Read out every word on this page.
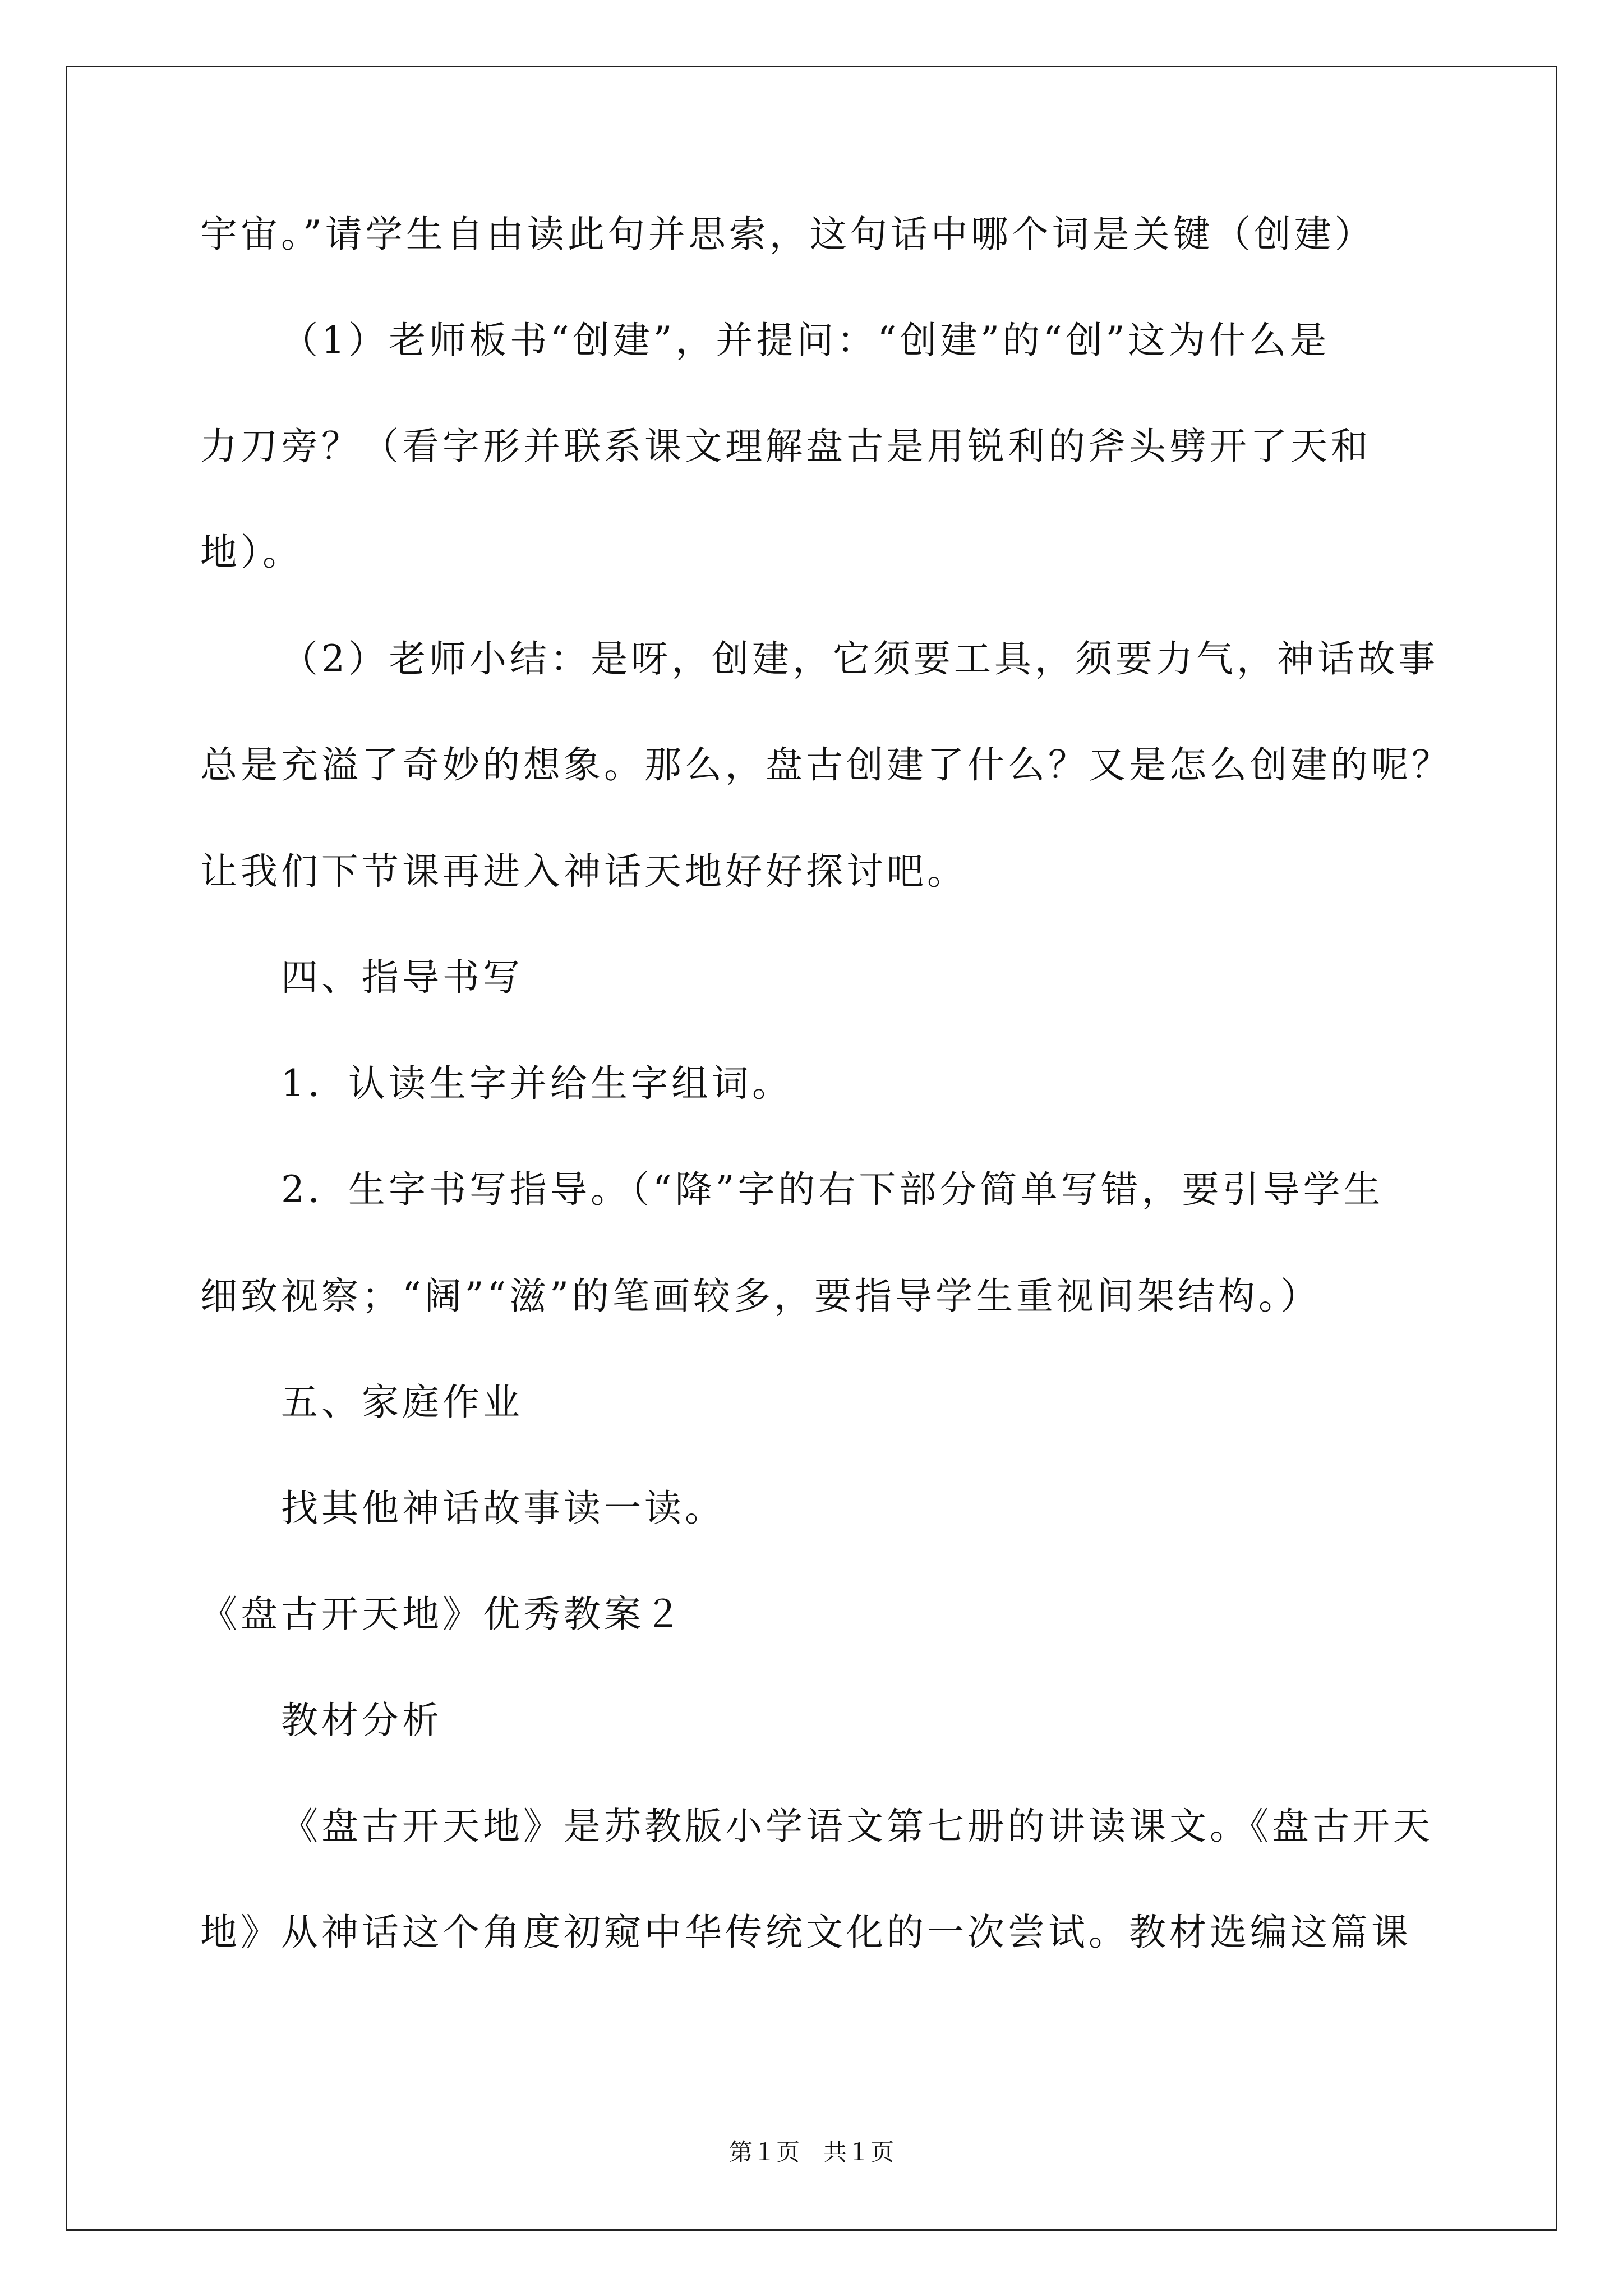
宇宙。”请学生自由读此句并思索，这句话中哪个词是关键（创建）
（1）老师板书“创建”，并提问：“创建”的“创”这为什么是
力刀旁？（看字形并联系课文理解盘古是用锐利的斧头劈开了天和
地）。
（2）老师小结：是呀，创建，它须要工具，须要力气，神话故事
总是充溢了奇妙的想象。那么，盘古创建了什么？又是怎么创建的呢？
让我们下节课再进入神话天地好好探讨吧。
四、指导书写
1．认读生字并给生字组词。
2．生字书写指导。（“降”字的右下部分简单写错，要引导学生
细致视察；“阔”“滋”的笔画较多，要指导学生重视间架结构。）
五、家庭作业
找其他神话故事读一读。
《盘古开天地》优秀教案２
教材分析
《盘古开天地》是苏教版小学语文第七册的讲读课文。《盘古开天
地》从神话这个角度初窥中华传统文化的一次尝试。教材选编这篇课
第１页　共１页
